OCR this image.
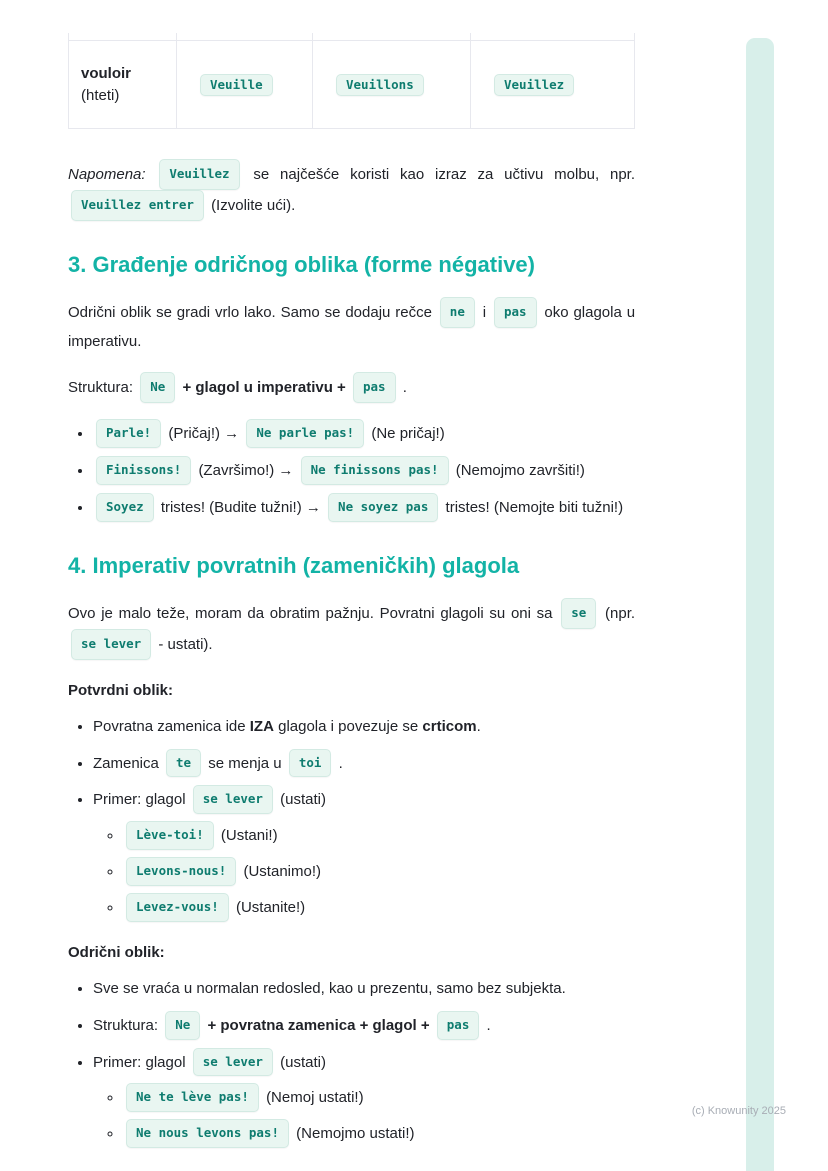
vouloir
(hteti)
Veuille	Veuillons	Veuillez

Napomena: Veuillez se najčešće koristi kao izraz za učtivu molbu, npr. Veuillez entrer (Izvolite ući).

3. Građenje odričnog oblika (forme négative)

Odrični oblik se gradi vrlo lako. Samo se dodaju rečce ne i pas oko glagola u imperativu.

Struktura: Ne + glagol u imperativu + pas .

• Parle! (Pričaj!) → Ne parle pas! (Ne pričaj!)
• Finissons! (Završimo!) → Ne finissons pas! (Nemojmo završiti!)
• Soyez tristes! (Budite tužni!) → Ne soyez pas tristes! (Nemojte biti tužni!)
4. Imperativ povratnih (zameničkih) glagola

Ovo je malo teže, moram da obratim pažnju. Povratni glagoli su oni sa se (npr. se lever - ustati).

Potvrdni oblik:

• Povratna zamenica ide IZA glagola i povezuje se crticom.
• Zamenica te se menja u toi .
• Primer: glagol se lever (ustati)
◦ Lève-toi! (Ustani!)
◦ Levons-nous! (Ustanimo!)
◦ Levez-vous! (Ustanite!)

Odrični oblik:

• Sve se vraća u normalan redosled, kao u prezentu, samo bez subjekta.
• Struktura: Ne + povratna zamenica + glagol + pas .
• Primer: glagol se lever (ustati)
◦ Ne te lève pas! (Nemoj ustati!)
◦ Ne nous levons pas! (Nemojmo ustati!)
(c) Knowunity 2025
